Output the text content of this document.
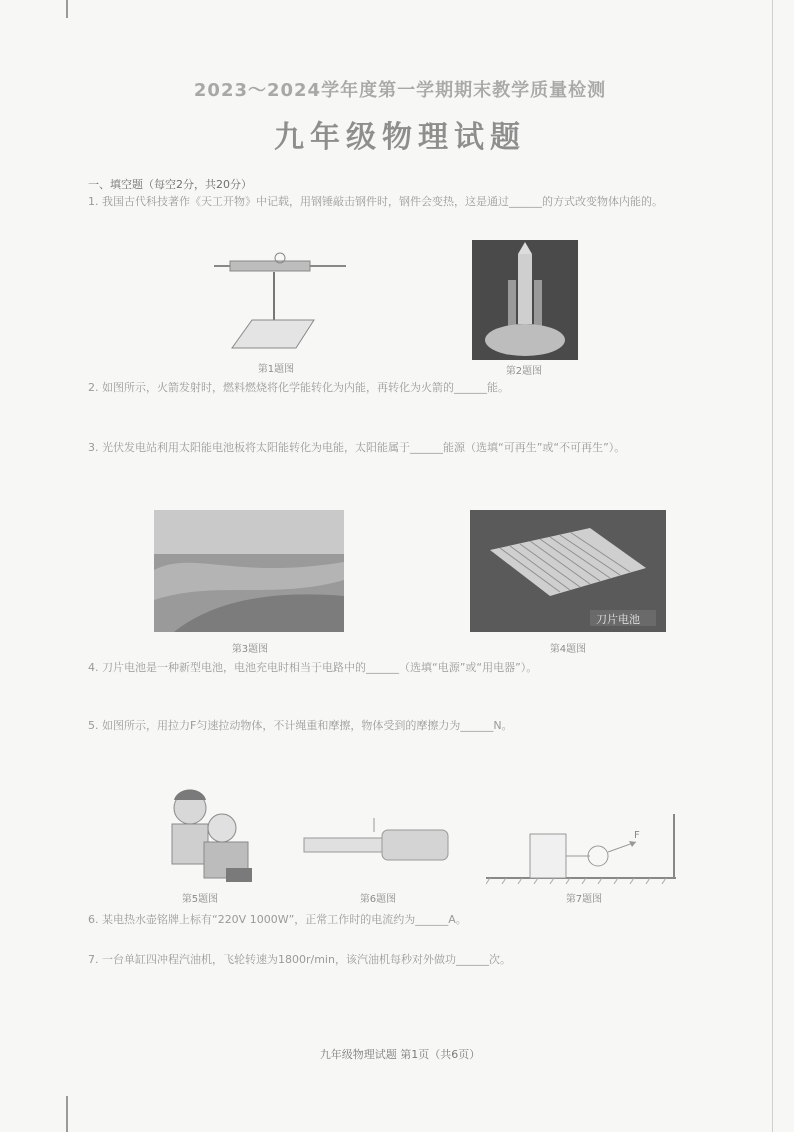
2023～2024学年度第一学期期末教学质量检测
九年级物理试题
一、填空题（每空2分，共20分）
1. 我国古代科技著作《天工开物》中记载，用钢锤敲击钢件时，钢件会变热，这是通过______的方式改变物体内能的。
第1题图	第2题图
2. 如图所示，火箭发射时，燃料燃烧将化学能转化为内能，再转化为火箭的______能。
3. 光伏发电站利用太阳能电池板将太阳能转化为电能，太阳能属于______能源（选填“可再生”或“不可再生”）。
第3题图
刀片电池
第4题图
4. 刀片电池是一种新型电池，电池充电时相当于电路中的______（选填“电源”或“用电器”）。
5. 如图所示，用拉力F匀速拉动物体，不计绳重和摩擦，物体受到的摩擦力为______N。
第5题图	第6题图
F
第7题图
6. 某电热水壶铭牌上标有“220V 1000W”，正常工作时的电流约为______A。
7. 一台单缸四冲程汽油机，飞轮转速为1800r/min，该汽油机每秒对外做功______次。
九年级物理试题 第1页（共6页）
